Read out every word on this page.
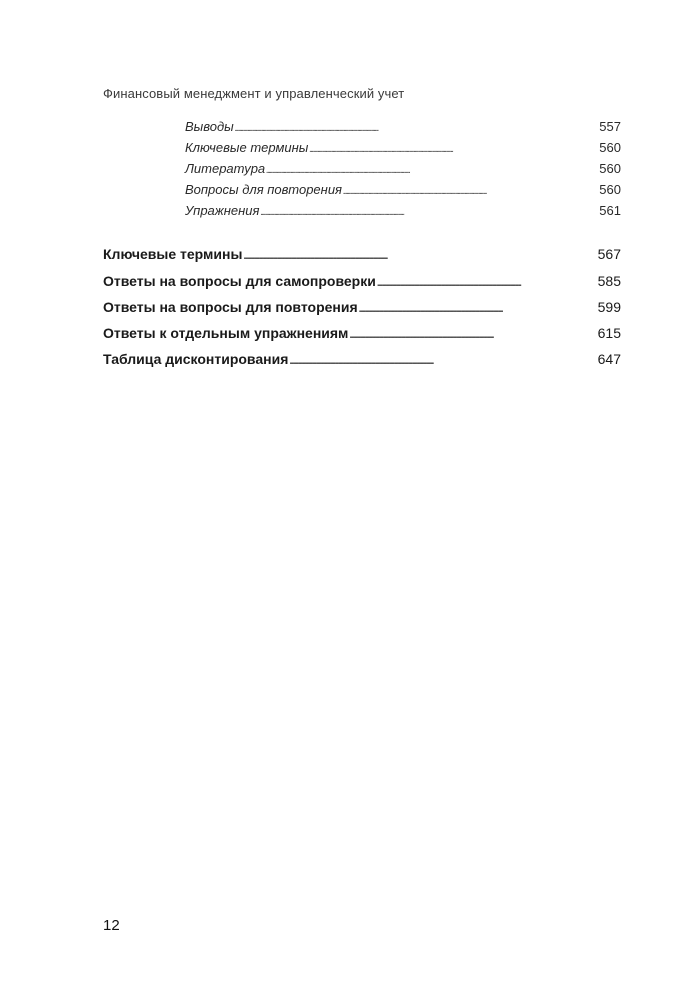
Финансовый менеджмент и управленческий учет
Выводы . . .	557
Ключевые термины . . .	560
Литература . . .	560
Вопросы для повторения . . .	560
Упражнения . . .	561
Ключевые термины . . .	567
Ответы на вопросы для самопроверки . . .	585
Ответы на вопросы для повторения . . .	599
Ответы к отдельным упражнениям . . .	615
Таблица дисконтирования . . .	647
12
